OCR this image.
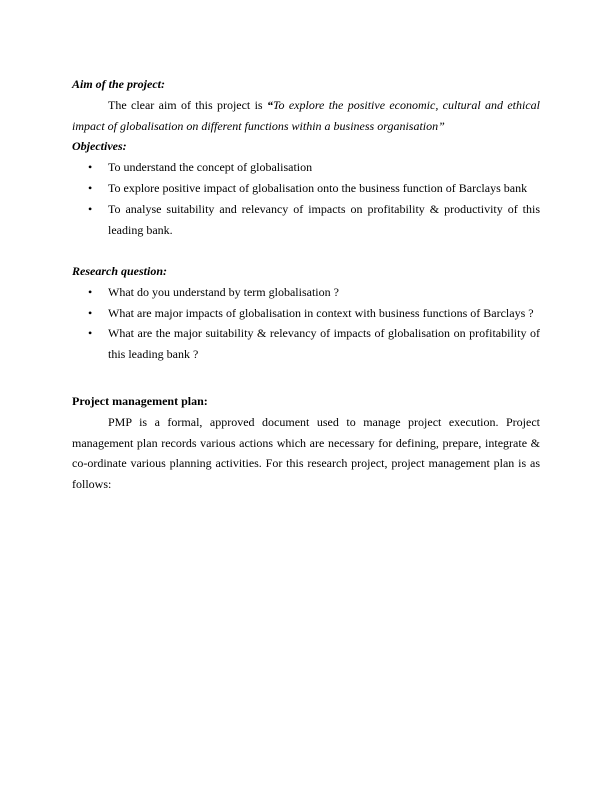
Aim of the project:

The clear aim of this project is “To explore the positive economic, cultural and ethical impact of globalisation on different functions within a business organisation”

Objectives:
• To understand the concept of globalisation
• To explore positive impact of globalisation onto the business function of Barclays bank
• To analyse suitability and relevancy of impacts on profitability & productivity of this leading bank.
Research question:
• What do you understand by term globalisation ?
• What are major impacts of globalisation in context with business functions of Barclays ?
• What are the major suitability & relevancy of impacts of globalisation on profitability of this leading bank ?
Project management plan:

PMP is a formal, approved document used to manage project execution. Project management plan records various actions which are necessary for defining, prepare, integrate & co-ordinate various planning activities. For this research project, project management plan is as follows:
